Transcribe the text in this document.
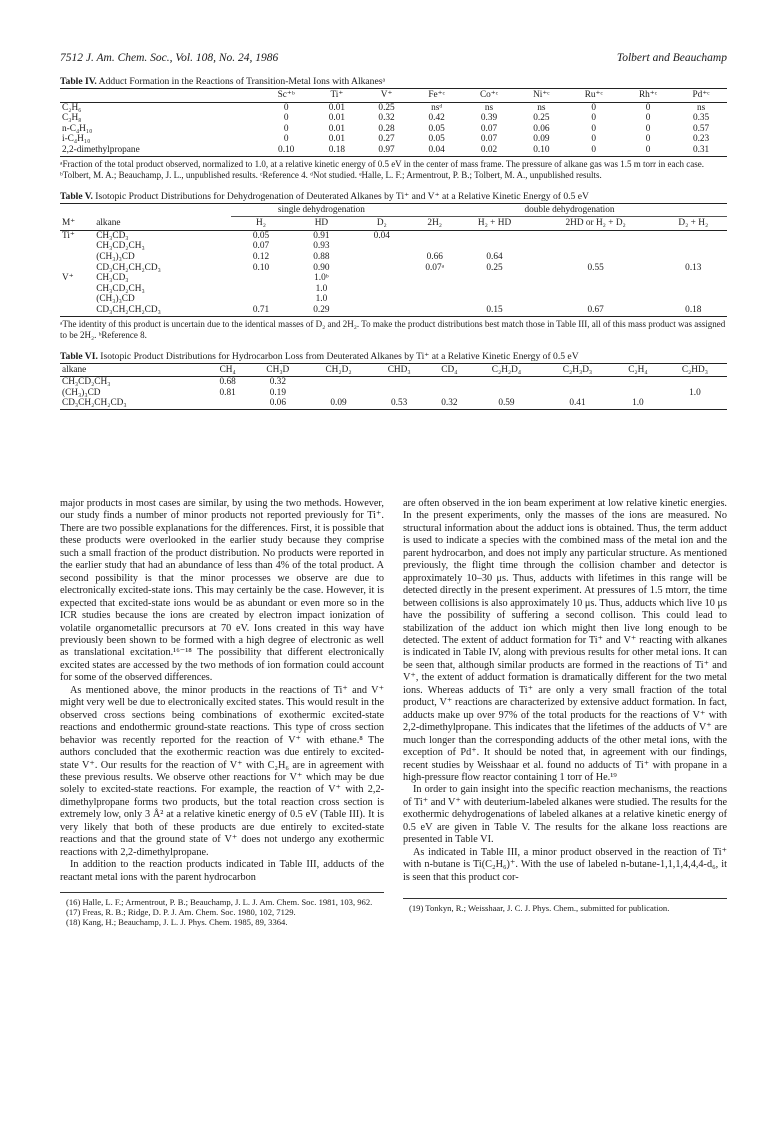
7512 J. Am. Chem. Soc., Vol. 108, No. 24, 1986	Tolbert and Beauchamp
Table IV. Adduct Formation in the Reactions of Transition-Metal Ions with Alkanesᵃ
	Sc⁺ᵇ	Ti⁺	V⁺	Fe⁺ᶜ	Co⁺ᶜ	Ni⁺ᶜ	Ru⁺ᶜ	Rh⁺ᶜ	Pd⁺ᶜ
C₂H₆	0	0.01	0.25	nsᵈ	ns	ns	0	0	ns
C₃H₈	0	0.01	0.32	0.42	0.39	0.25	0	0	0.35
n-C₄H₁₀	0	0.01	0.28	0.05	0.07	0.06	0	0	0.57
i-C₄H₁₀	0	0.01	0.27	0.05	0.07	0.09	0	0	0.23
2,2-dimethylpropane	0.10	0.18	0.97	0.04	0.02	0.10	0	0	0.31
ᵃFraction of the total product observed, normalized to 1.0, at a relative kinetic energy of 0.5 eV in the center of mass frame. The pressure of alkane gas was 1.5 m torr in each case. ᵇTolbert, M. A.; Beauchamp, J. L., unpublished results. ᶜReference 4. ᵈNot studied. ᵉHalle, L. F.; Armentrout, P. B.; Tolbert, M. A., unpublished results.
Table V. Isotopic Product Distributions for Dehydrogenation of Deuterated Alkanes by Ti⁺ and V⁺ at a Relative Kinetic Energy of 0.5 eV
		single dehydrogenation			double dehydrogenation			
M⁺	alkane	H₂	HD	D₂	2H₂	H₂ + HD	2HD or H₂ + D₂	D₂ + H₂
Ti⁺	CH₃CD₃	0.05	0.91	0.04				
	CH₃CD₂CH₃	0.07	0.93					
	(CH₃)₃CD	0.12	0.88		0.66	0.64		
	CD₃CH₂CH₂CD₃	0.10	0.90		0.07ᵃ	0.25	0.55	0.13
V⁺	CH₃CD₃		1.0ᵇ					
	CH₃CD₂CH₃		1.0					
	(CH₃)₃CD		1.0					
	CD₃CH₂CH₂CD₃	0.71	0.29			0.15	0.67	0.18
ᵃThe identity of this product is uncertain due to the identical masses of D₂ and 2H₂. To make the product distributions best match those in Table III, all of this mass product was assigned to be 2H₂. ᵇReference 8.
Table VI. Isotopic Product Distributions for Hydrocarbon Loss from Deuterated Alkanes by Ti⁺ at a Relative Kinetic Energy of 0.5 eV
alkane	CH₄	CH₃D	CH₂D₂	CHD₃	CD₄	C₂H₂D₄	C₂H₃D₃	C₂H₄	C₂HD₃
CH₃CD₂CH₃	0.68	0.32							
(CH₃)₃CD	0.81	0.19							1.0
CD₃CH₂CH₂CD₃		0.06	0.09	0.53	0.32	0.59	0.41	1.0	

major products in most cases are similar, by using the two methods. However, our study finds a number of minor products not reported previously for Ti⁺. There are two possible explanations for the differences. First, it is possible that these products were overlooked in the earlier study because they comprise such a small fraction of the product distribution. No products were reported in the earlier study that had an abundance of less than 4% of the total product. A second possibility is that the minor processes we observe are due to electronically excited-state ions. This may certainly be the case. However, it is expected that excited-state ions would be as abundant or even more so in the ICR studies because the ions are created by electron impact ionization of volatile organometallic precursors at 70 eV. Ions created in this way have previously been shown to be formed with a high degree of electronic as well as translational excitation.¹⁶⁻¹⁸ The possibility that different electronically excited states are accessed by the two methods of ion formation could account for some of the observed differences.

As mentioned above, the minor products in the reactions of Ti⁺ and V⁺ might very well be due to electronically excited states. This would result in the observed cross sections being combinations of exothermic excited-state reactions and endothermic ground-state reactions. This type of cross section behavior was recently reported for the reaction of V⁺ with ethane.⁸ The authors concluded that the exothermic reaction was due entirely to excited-state V⁺. Our results for the reaction of V⁺ with C₂H₆ are in agreement with these previous results. We observe other reactions for V⁺ which may be due solely to excited-state reactions. For example, the reaction of V⁺ with 2,2-dimethylpropane forms two products, but the total reaction cross section is extremely low, only 3 Å² at a relative kinetic energy of 0.5 eV (Table III). It is very likely that both of these products are due entirely to excited-state reactions and that the ground state of V⁺ does not undergo any exothermic reactions with 2,2-dimethylpropane.

In addition to the reaction products indicated in Table III, adducts of the reactant metal ions with the parent hydrocarbon

(16) Halle, L. F.; Armentrout, P. B.; Beauchamp, J. L. J. Am. Chem. Soc. 1981, 103, 962.
(17) Freas, R. B.; Ridge, D. P. J. Am. Chem. Soc. 1980, 102, 7129.
(18) Kang, H.; Beauchamp, J. L. J. Phys. Chem. 1985, 89, 3364.

are often observed in the ion beam experiment at low relative kinetic energies. In the present experiments, only the masses of the ions are measured. No structural information about the adduct ions is obtained. Thus, the term adduct is used to indicate a species with the combined mass of the metal ion and the parent hydrocarbon, and does not imply any particular structure. As mentioned previously, the flight time through the collision chamber and detector is approximately 10–30 μs. Thus, adducts with lifetimes in this range will be detected directly in the present experiment. At pressures of 1.5 mtorr, the time between collisions is also approximately 10 μs. Thus, adducts which live 10 μs have the possibility of suffering a second collison. This could lead to stabilization of the adduct ion which might then live long enough to be detected. The extent of adduct formation for Ti⁺ and V⁺ reacting with alkanes is indicated in Table IV, along with previous results for other metal ions. It can be seen that, although similar products are formed in the reactions of Ti⁺ and V⁺, the extent of adduct formation is dramatically different for the two metal ions. Whereas adducts of Ti⁺ are only a very small fraction of the total product, V⁺ reactions are characterized by extensive adduct formation. In fact, adducts make up over 97% of the total products for the reactions of V⁺ with 2,2-dimethylpropane. This indicates that the lifetimes of the adducts of V⁺ are much longer than the corresponding adducts of the other metal ions, with the exception of Pd⁺. It should be noted that, in agreement with our findings, recent studies by Weisshaar et al. found no adducts of Ti⁺ with propane in a high-pressure flow reactor containing 1 torr of He.¹⁹

In order to gain insight into the specific reaction mechanisms, the reactions of Ti⁺ and V⁺ with deuterium-labeled alkanes were studied. The results for the exothermic dehydrogenations of labeled alkanes at a relative kinetic energy of 0.5 eV are given in Table V. The results for the alkane loss reactions are presented in Table VI.

As indicated in Table III, a minor product observed in the reaction of Ti⁺ with n-butane is Ti(C₂H₆)⁺. With the use of labeled n-butane-1,1,1,4,4,4-d₆, it is seen that this product cor-

(19) Tonkyn, R.; Weisshaar, J. C. J. Phys. Chem., submitted for publication.
